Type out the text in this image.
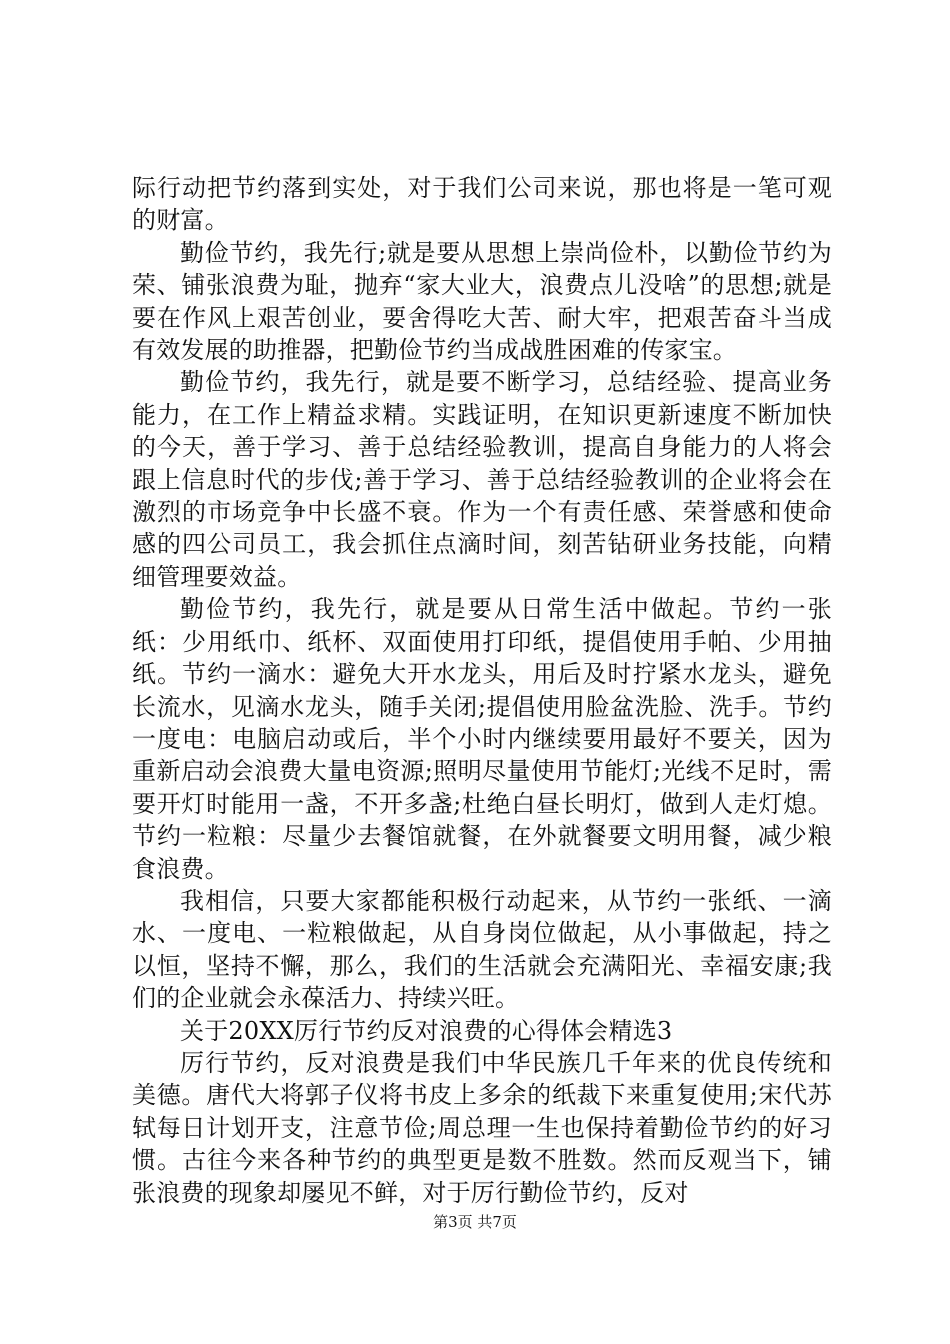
际行动把节约落到实处，对于我们公司来说，那也将是一笔可观的财富。

勤俭节约，我先行;就是要从思想上崇尚俭朴，以勤俭节约为荣、铺张浪费为耻，抛弃“家大业大，浪费点儿没啥”的思想;就是要在作风上艰苦创业，要舍得吃大苦、耐大牢，把艰苦奋斗当成有效发展的助推器，把勤俭节约当成战胜困难的传家宝。

勤俭节约，我先行，就是要不断学习，总结经验、提高业务能力，在工作上精益求精。实践证明，在知识更新速度不断加快的今天，善于学习、善于总结经验教训，提高自身能力的人将会跟上信息时代的步伐;善于学习、善于总结经验教训的企业将会在激烈的市场竞争中长盛不衰。作为一个有责任感、荣誉感和使命感的四公司员工，我会抓住点滴时间，刻苦钻研业务技能，向精细管理要效益。

勤俭节约，我先行，就是要从日常生活中做起。节约一张纸：少用纸巾、纸杯、双面使用打印纸，提倡使用手帕、少用抽纸。节约一滴水：避免大开水龙头，用后及时拧紧水龙头，避免长流水，见滴水龙头，随手关闭;提倡使用脸盆洗脸、洗手。节约一度电：电脑启动或后，半个小时内继续要用最好不要关，因为重新启动会浪费大量电资源;照明尽量使用节能灯;光线不足时，需要开灯时能用一盏，不开多盏;杜绝白昼长明灯，做到人走灯熄。节约一粒粮：尽量少去餐馆就餐，在外就餐要文明用餐，减少粮食浪费。

我相信，只要大家都能积极行动起来，从节约一张纸、一滴水、一度电、一粒粮做起，从自身岗位做起，从小事做起，持之以恒，坚持不懈，那么，我们的生活就会充满阳光、幸福安康;我们的企业就会永葆活力、持续兴旺。

关于20XX厉行节约反对浪费的心得体会精选3

厉行节约，反对浪费是我们中华民族几千年来的优良传统和美德。唐代大将郭子仪将书皮上多余的纸裁下来重复使用;宋代苏轼每日计划开支，注意节俭;周总理一生也保持着勤俭节约的好习惯。古往今来各种节约的典型更是数不胜数。然而反观当下，铺张浪费的现象却屡见不鲜，对于厉行勤俭节约，反对

第3页 共7页
